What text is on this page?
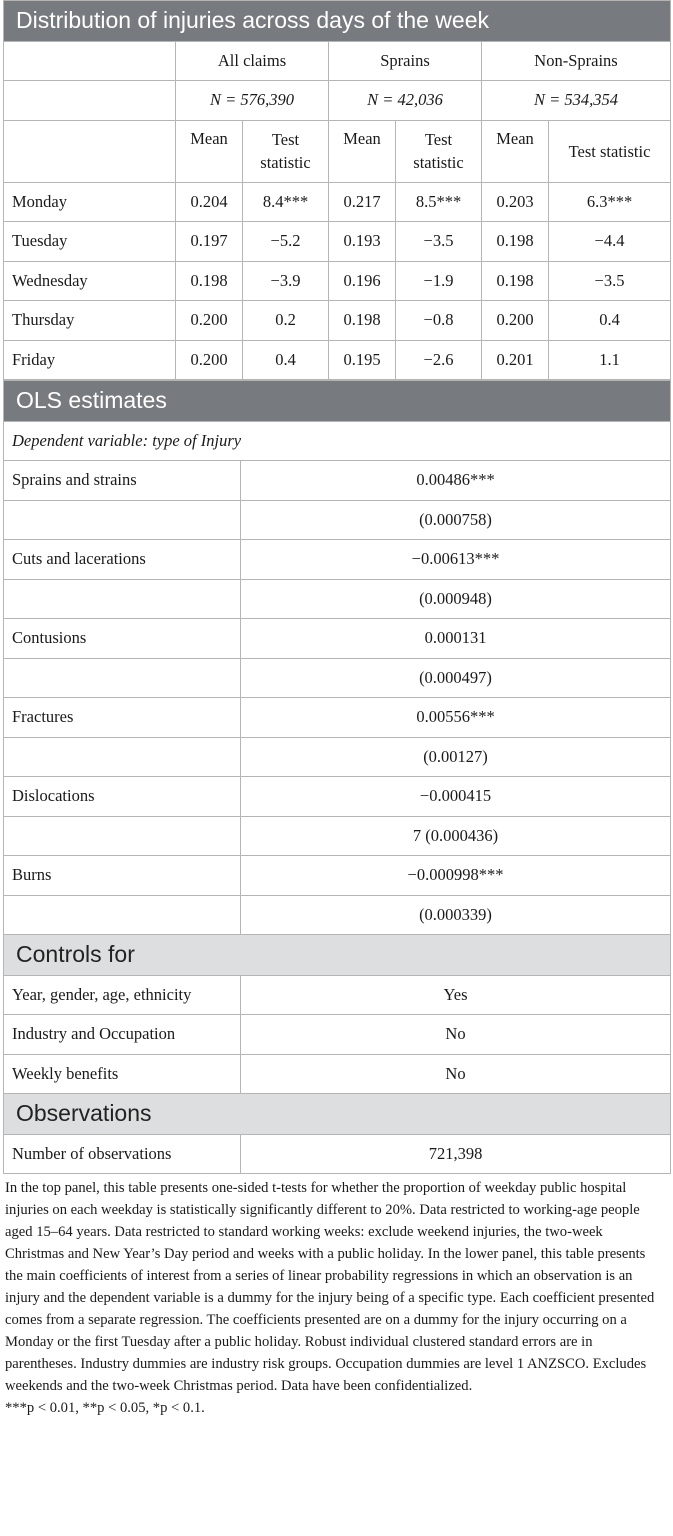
Distribution of injuries across days of the week						
	All claims		Sprains		Non-Sprains	
	N = 576,390		N = 42,036		N = 534,354	
	Mean	Test statistic	Mean	Test statistic	Mean	Test statistic
Monday	0.204	8.4***	0.217	8.5***	0.203	6.3***
Tuesday	0.197	−5.2	0.193	−3.5	0.198	−4.4
Wednesday	0.198	−3.9	0.196	−1.9	0.198	−3.5
Thursday	0.200	0.2	0.198	−0.8	0.200	0.4
Friday	0.200	0.4	0.195	−2.6	0.201	1.1
OLS estimates	
Dependent variable: type of Injury	
Sprains and strains	0.00486***
	(0.000758)
Cuts and lacerations	−0.00613***
	(0.000948)
Contusions	0.000131
	(0.000497)
Fractures	0.00556***
	(0.00127)
Dislocations	−0.000415
	7 (0.000436)
Burns	−0.000998***
	(0.000339)
Controls for	
Year, gender, age, ethnicity	Yes
Industry and Occupation	No
Weekly benefits	No
Observations	
Number of observations	721,398

In the top panel, this table presents one-sided t-tests for whether the proportion of weekday public hospital injuries on each weekday is statistically significantly different to 20%. Data restricted to working-age people aged 15–64 years. Data restricted to standard working weeks: exclude weekend injuries, the two-week Christmas and New Year’s Day period and weeks with a public holiday. In the lower panel, this table presents the main coefficients of interest from a series of linear probability regressions in which an observation is an injury and the dependent variable is a dummy for the injury being of a specific type. Each coefficient presented comes from a separate regression. The coefficients presented are on a dummy for the injury occurring on a Monday or the first Tuesday after a public holiday. Robust individual clustered standard errors are in parentheses. Industry dummies are industry risk groups. Occupation dummies are level 1 ANZSCO. Excludes weekends and the two-week Christmas period. Data have been confidentialized.

***p < 0.01, **p < 0.05, *p < 0.1.
